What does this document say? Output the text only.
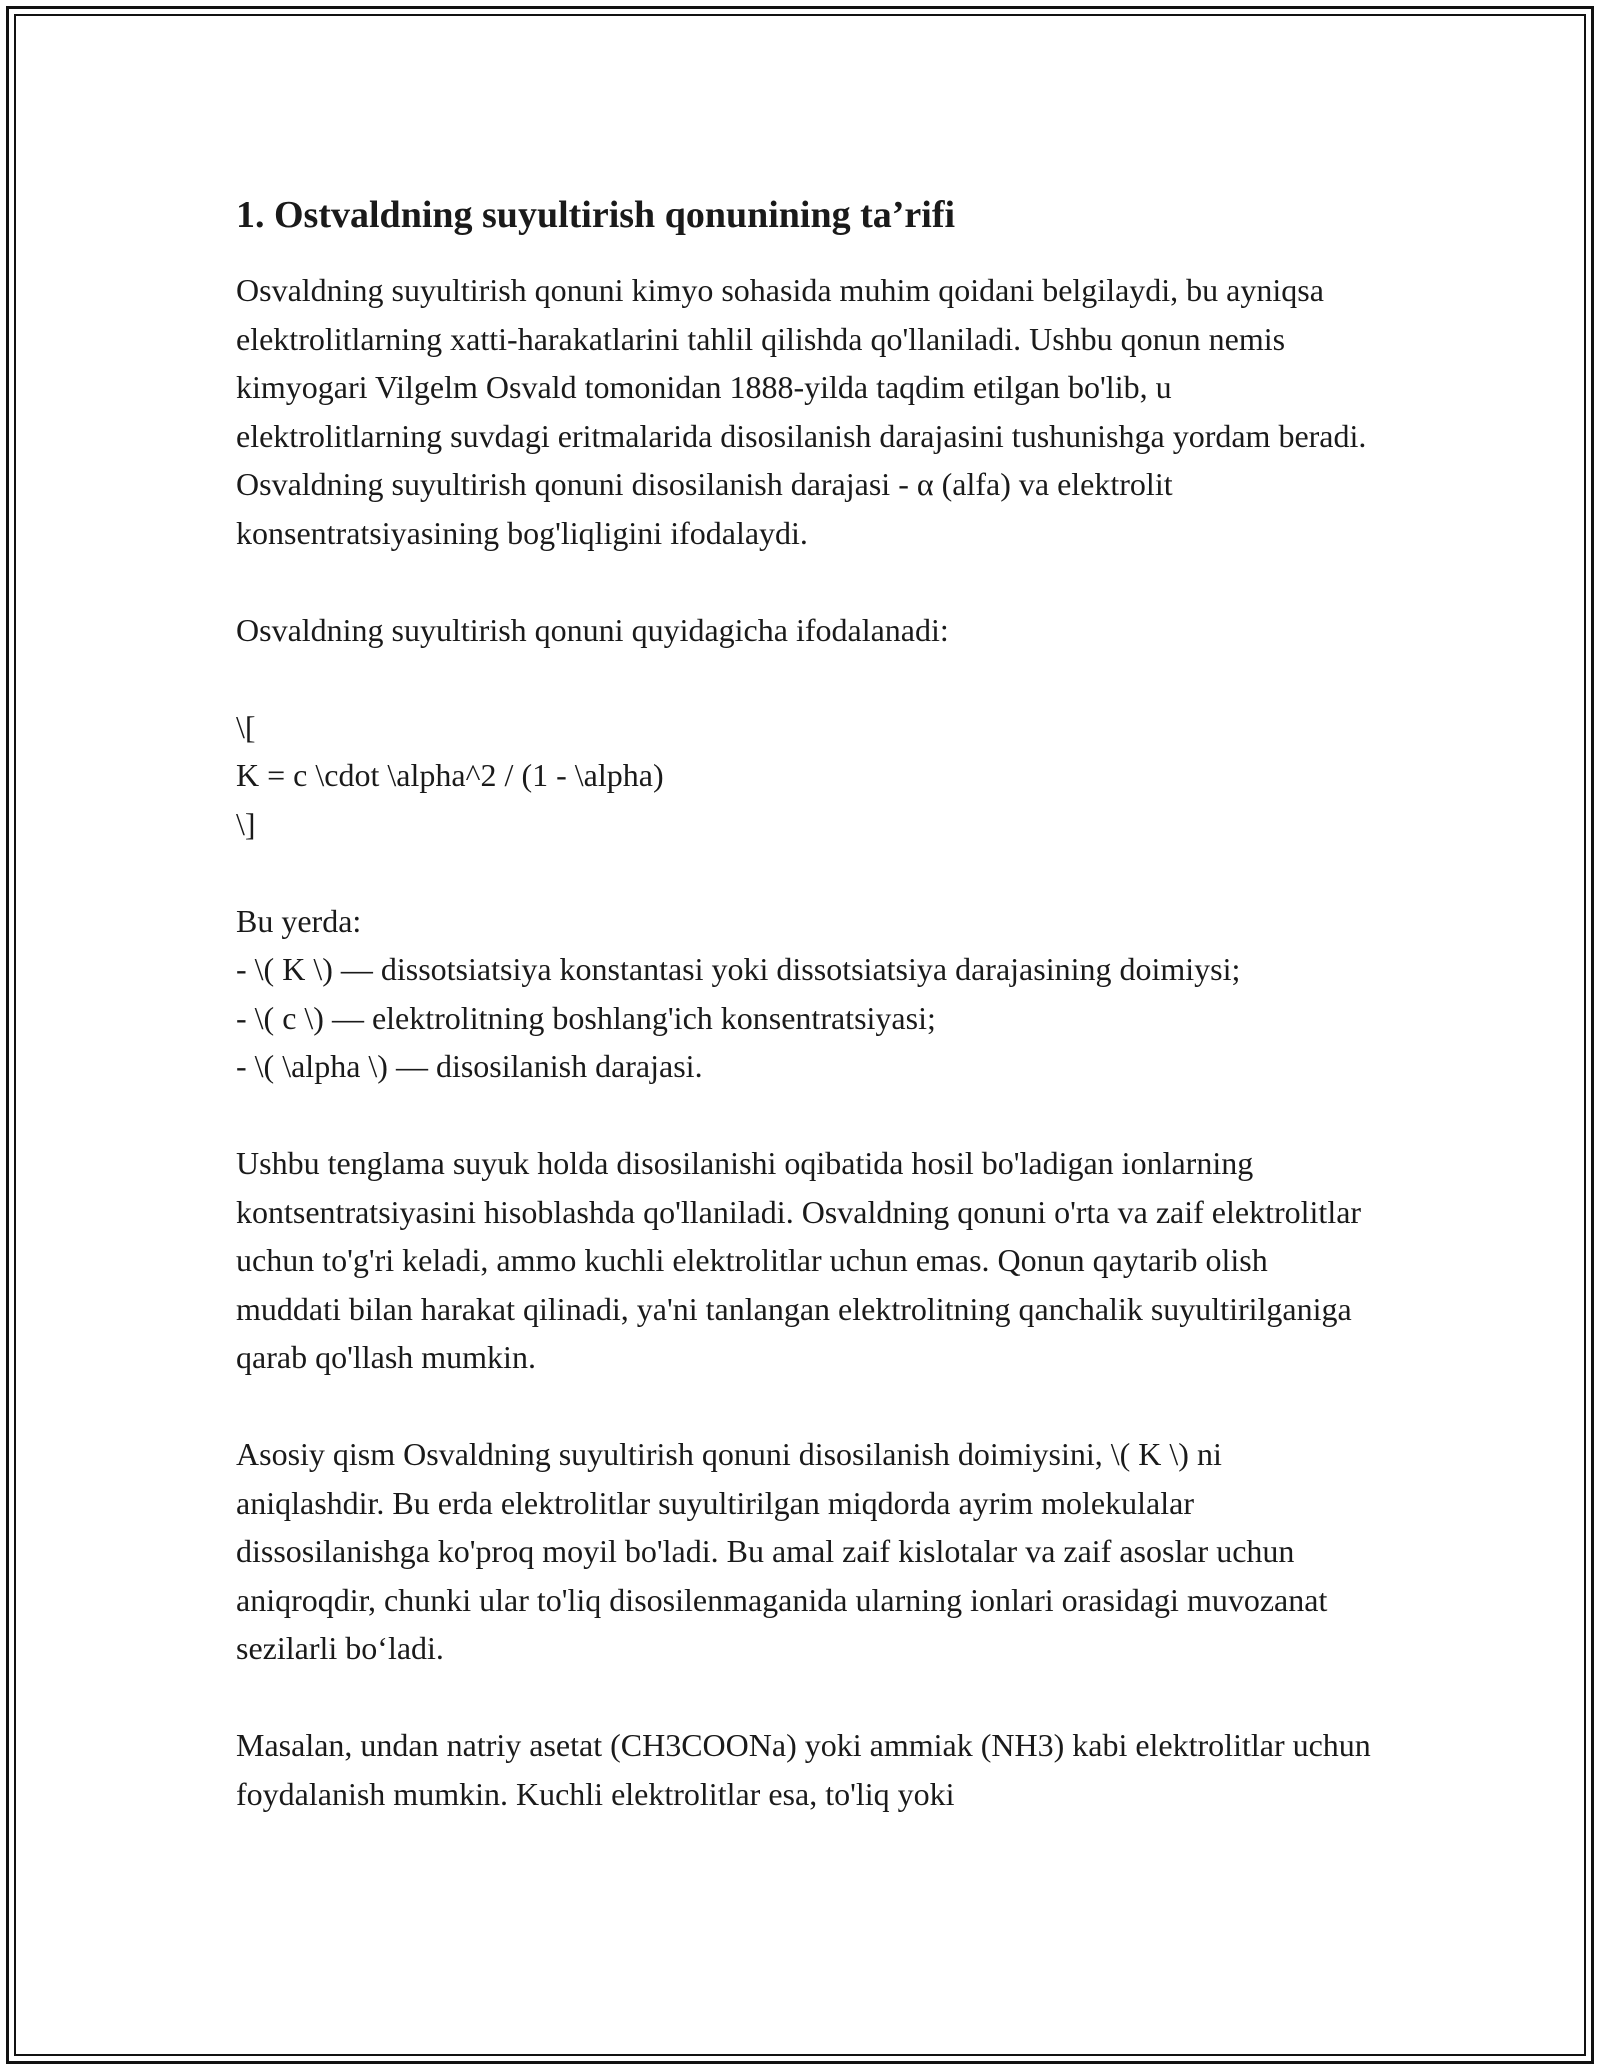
1. Ostvaldning suyultirish qonunining ta’rifi

Osvaldning suyultirish qonuni kimyo sohasida muhim qoidani belgilaydi, bu ayniqsa elektrolitlarning xatti-harakatlarini tahlil qilishda qo'llaniladi. Ushbu qonun nemis kimyogari Vilgelm Osvald tomonidan 1888-yilda taqdim etilgan bo'lib, u elektrolitlarning suvdagi eritmalarida disosilanish darajasini tushunishga yordam beradi. Osvaldning suyultirish qonuni disosilanish darajasi - α (alfa) va elektrolit konsentratsiyasining bog'liqligini ifodalaydi.

Osvaldning suyultirish qonuni quyidagicha ifodalanadi:

\[
K = c \cdot \alpha^2 / (1 - \alpha)
\]

Bu yerda:
- \( K \) — dissotsiatsiya konstantasi yoki dissotsiatsiya darajasining doimiysi;
- \( c \) — elektrolitning boshlang'ich konsentratsiyasi;
- \( \alpha \) — disosilanish darajasi.

Ushbu tenglama suyuk holda disosilanishi oqibatida hosil bo'ladigan ionlarning kontsentratsiyasini hisoblashda qo'llaniladi. Osvaldning qonuni o'rta va zaif elektrolitlar uchun to'g'ri keladi, ammo kuchli elektrolitlar uchun emas. Qonun qaytarib olish muddati bilan harakat qilinadi, ya'ni tanlangan elektrolitning qanchalik suyultirilganiga qarab qo'llash mumkin.

Asosiy qism Osvaldning suyultirish qonuni disosilanish doimiysini, \( K \) ni aniqlashdir. Bu erda elektrolitlar suyultirilgan miqdorda ayrim molekulalar dissosilanishga ko'proq moyil bo'ladi. Bu amal zaif kislotalar va zaif asoslar uchun aniqroqdir, chunki ular to'liq disosilenmaganida ularning ionlari orasidagi muvozanat sezilarli bo‘ladi.

Masalan, undan natriy asetat (CH3COONa) yoki ammiak (NH3) kabi elektrolitlar uchun foydalanish mumkin. Kuchli elektrolitlar esa, to'liq yoki
